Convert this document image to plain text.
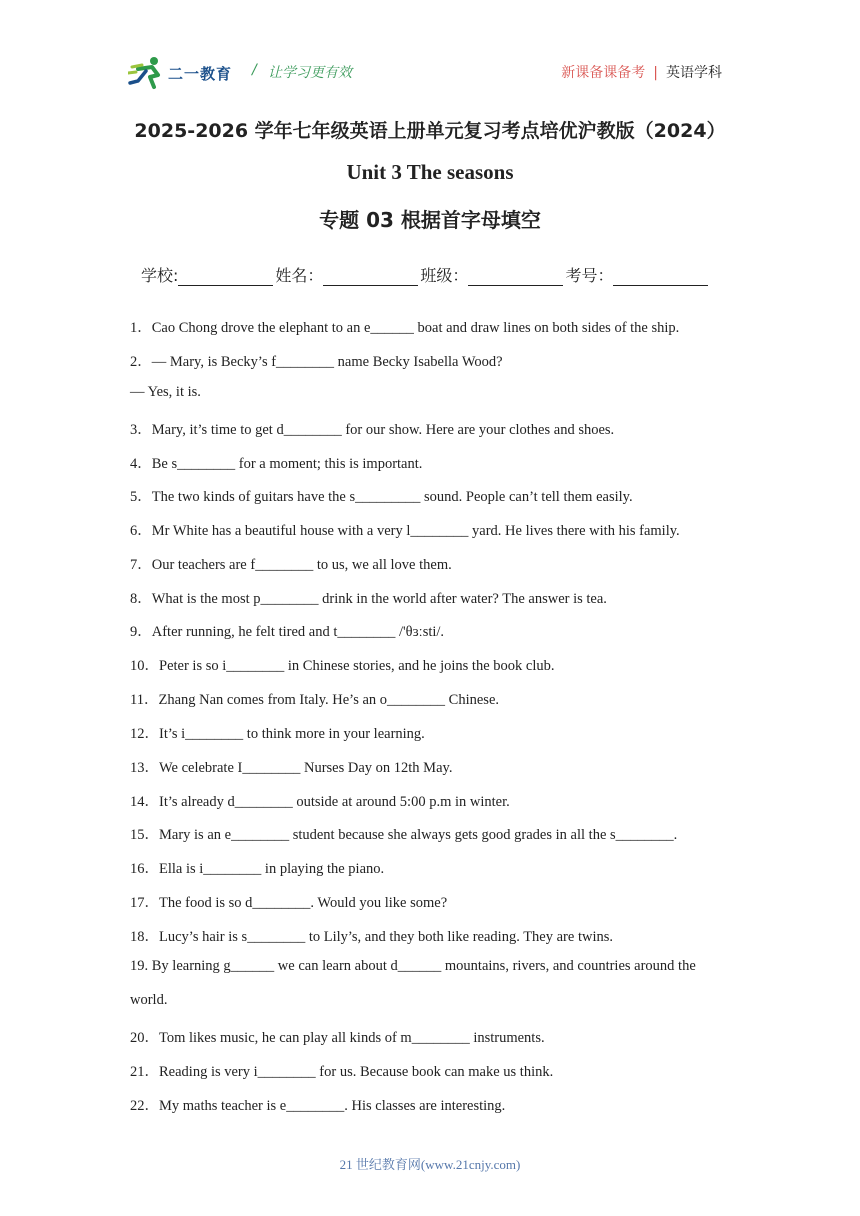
二一教育 / 让学习更有效	新课备课备考 | 英语学科
2025-2026 学年七年级英语上册单元复习考点培优沪教版（2024）
Unit 3 The seasons
专题 03 根据首字母填空
学校:	姓名：	班级：	考号：
1．Cao Chong drove the elephant to an e______ boat and draw lines on both sides of the ship.
2．— Mary, is Becky’s f________ name Becky Isabella Wood?
— Yes, it is.
3．Mary, it’s time to get d________ for our show. Here are your clothes and shoes.
4．Be s________ for a moment; this is important.
5．The two kinds of guitars have the s_________ sound. People can’t tell them easily.
6．Mr White has a beautiful house with a very l________ yard. He lives there with his family.
7．Our teachers are f________ to us, we all love them.
8．What is the most p________ drink in the world after water? The answer is tea.
9．After running, he felt tired and t________ /'θɜːsti/.
10．Peter is so i________ in Chinese stories, and he joins the book club.
11．Zhang Nan comes from Italy. He’s an o________ Chinese.
12．It’s i________ to think more in your learning.
13．We celebrate I________ Nurses Day on 12th May.
14．It’s already d________ outside at around 5:00 p.m in winter.
15．Mary is an e________ student because she always gets good grades in all the s________.
16．Ella is i________ in playing the piano.
17．The food is so d________. Would you like some?
18．Lucy’s hair is s________ to Lily’s, and they both like reading. They are twins.
19. By learning g______ we can learn about d______ mountains, rivers, and countries around the
world.
20．Tom likes music, he can play all kinds of m________ instruments.
21．Reading is very i________ for us. Because book can make us think.
22．My maths teacher is e________. His classes are interesting.
21 世纪教育网(www.21cnjy.com)
